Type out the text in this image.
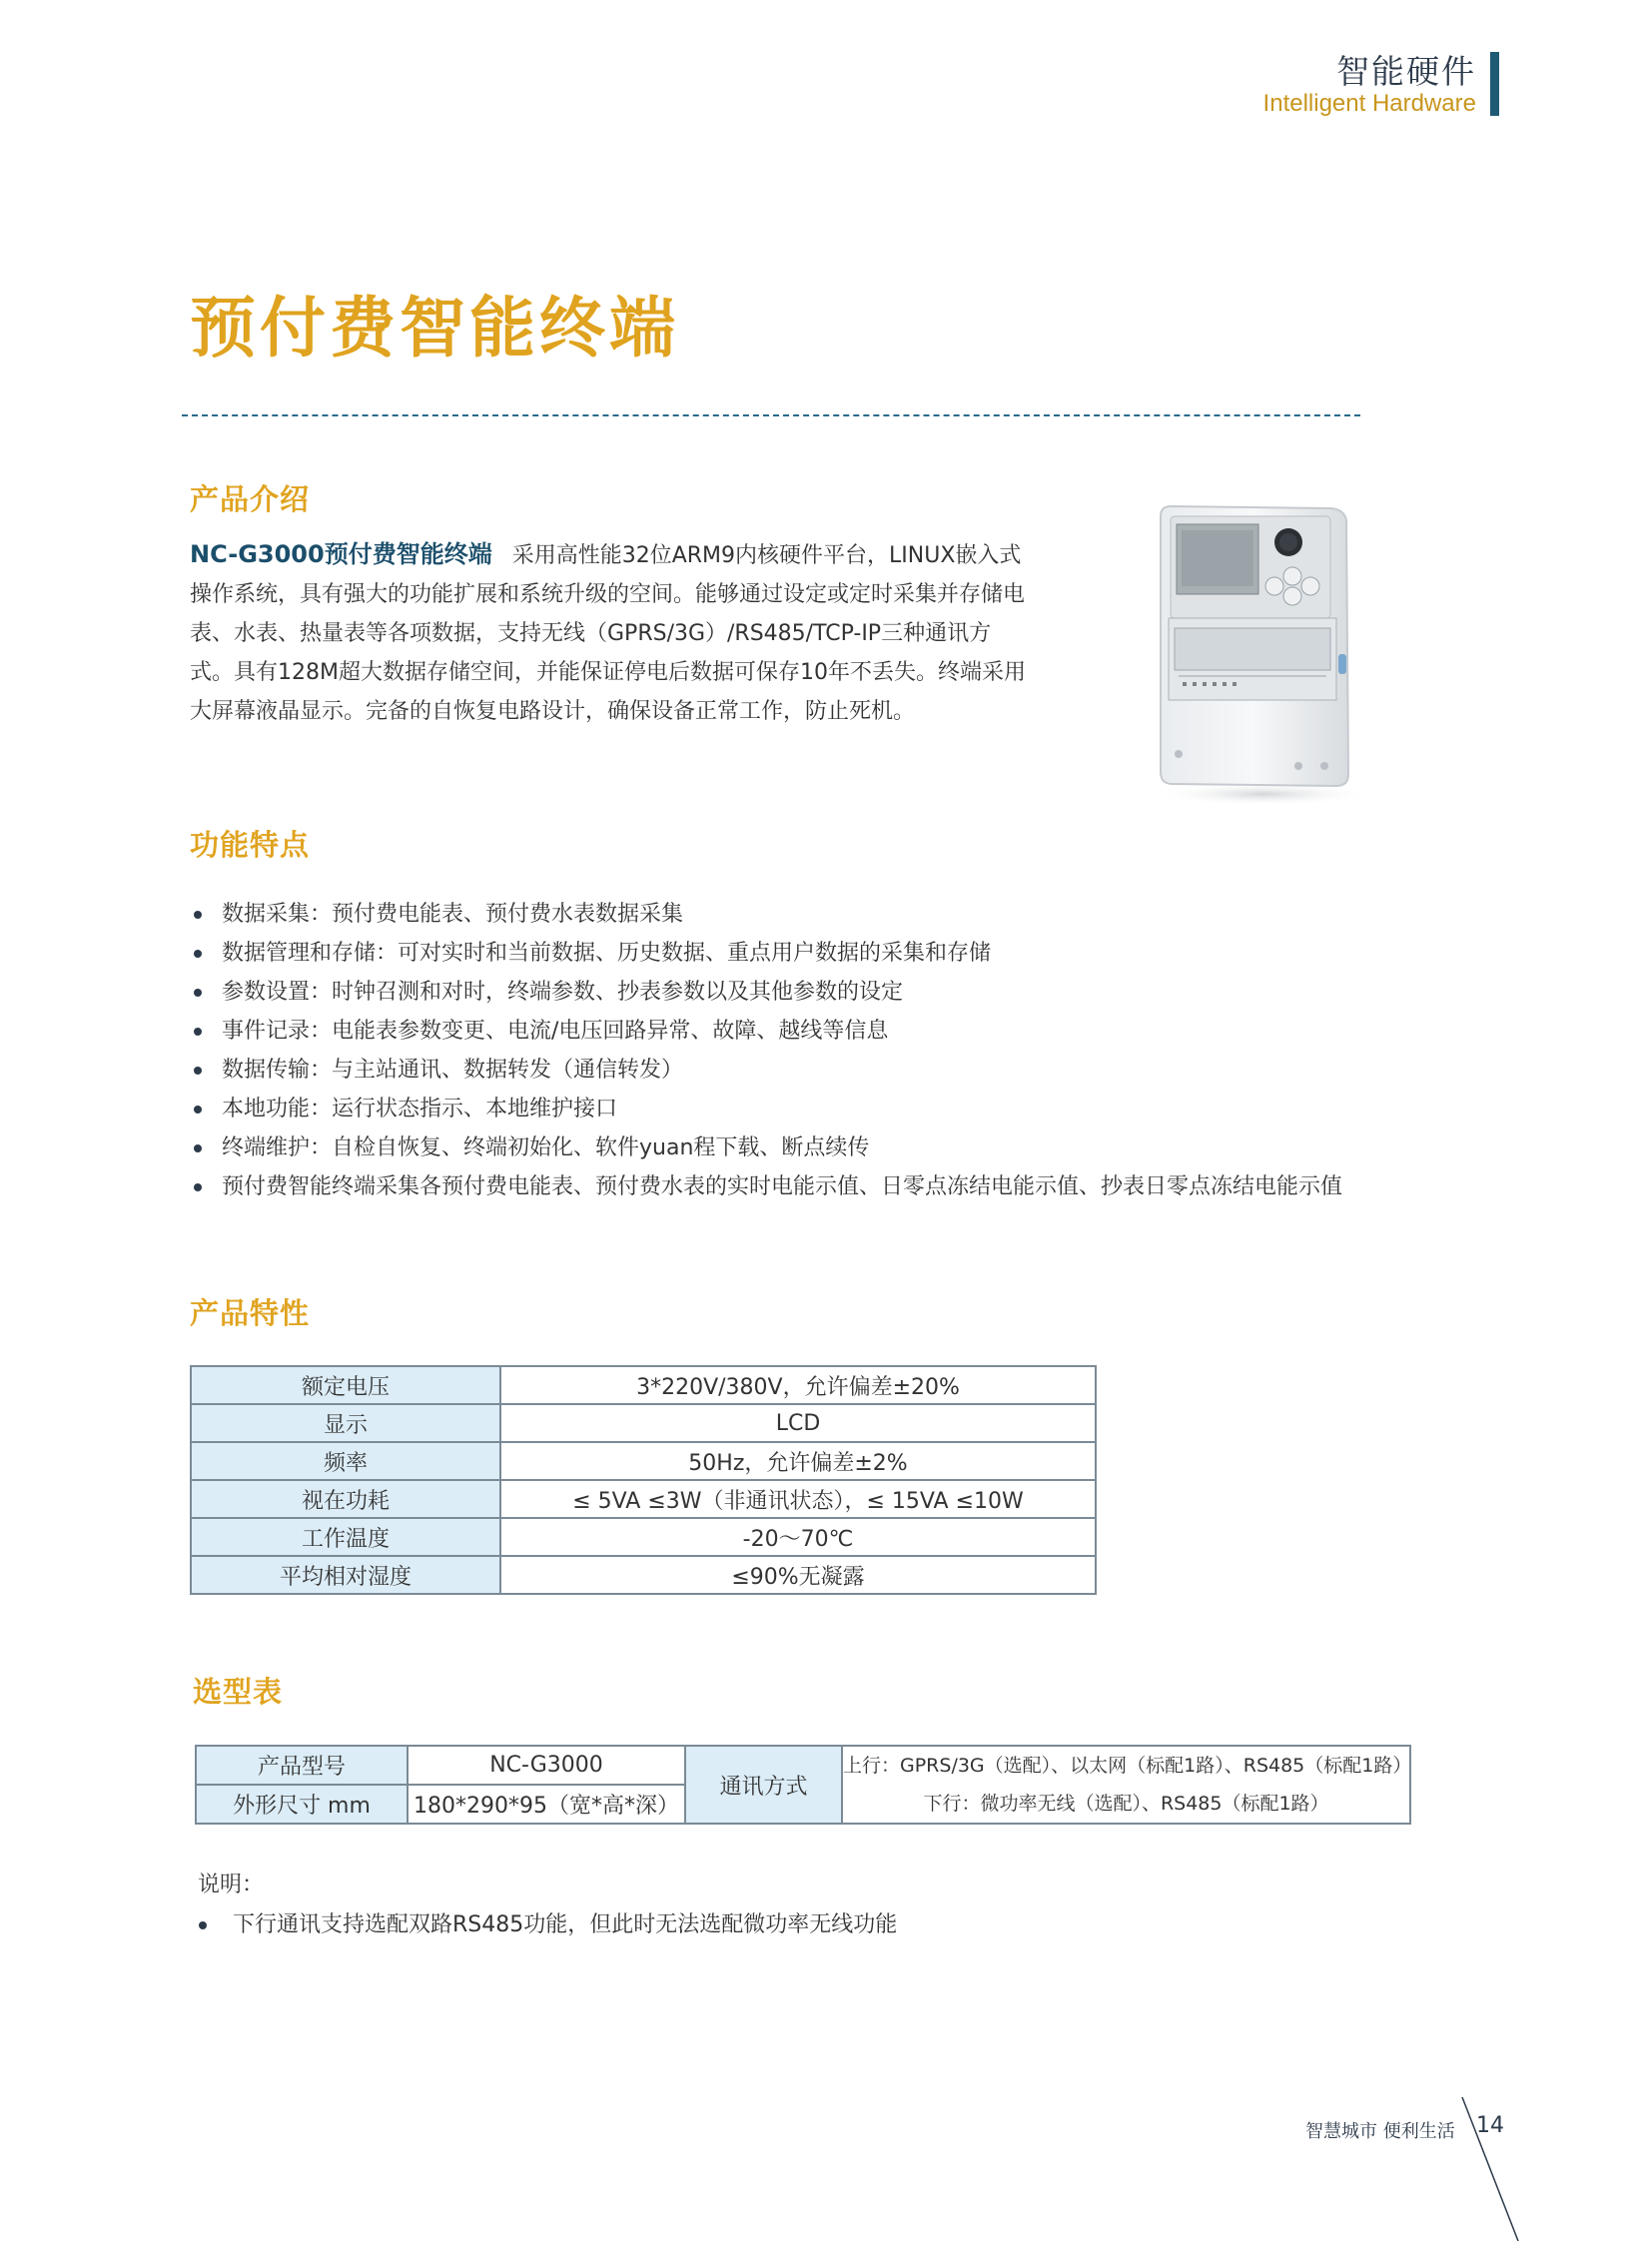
智能硬件
Intelligent Hardware
预付费智能终端
产品介绍
NC-G3000预付费智能终端 采用高性能32位ARM9内核硬件平台，LINUX嵌入式操作系统，具有强大的功能扩展和系统升级的空间。能够通过设定或定时采集并存储电表、水表、热量表等各项数据，支持无线（GPRS/3G）/RS485/TCP-IP三种通讯方式。具有128M超大数据存储空间，并能保证停电后数据可保存10年不丢失。终端采用大屏幕液晶显示。完备的自恢复电路设计，确保设备正常工作，防止死机。
功能特点
数据采集：预付费电能表、预付费水表数据采集
数据管理和存储：可对实时和当前数据、历史数据、重点用户数据的采集和存储
参数设置：时钟召测和对时，终端参数、抄表参数以及其他参数的设定
事件记录：电能表参数变更、电流/电压回路异常、故障、越线等信息
数据传输：与主站通讯、数据转发（通信转发）
本地功能：运行状态指示、本地维护接口
终端维护：自检自恢复、终端初始化、软件yuan程下载、断点续传
预付费智能终端采集各预付费电能表、预付费水表的实时电能示值、日零点冻结电能示值、抄表日零点冻结电能示值
产品特性
额定电压	3*220V/380V，允许偏差±20%
显示	LCD
频率	50Hz，允许偏差±2%
视在功耗	≤ 5VA ≤3W（非通讯状态），≤ 15VA ≤10W
工作温度	-20～70℃
平均相对湿度	≤90%无凝露
选型表
产品型号	NC-G3000	通讯方式	上行：GPRS/3G（选配）、以太网（标配1路）、RS485（标配1路）
下行：微功率无线（选配）、RS485（标配1路）

外形尺寸 mm	180*290*95（宽*高*深）		
说明：
下行通讯支持选配双路RS485功能，但此时无法选配微功率无线功能
智慧城市 便利生活 14
